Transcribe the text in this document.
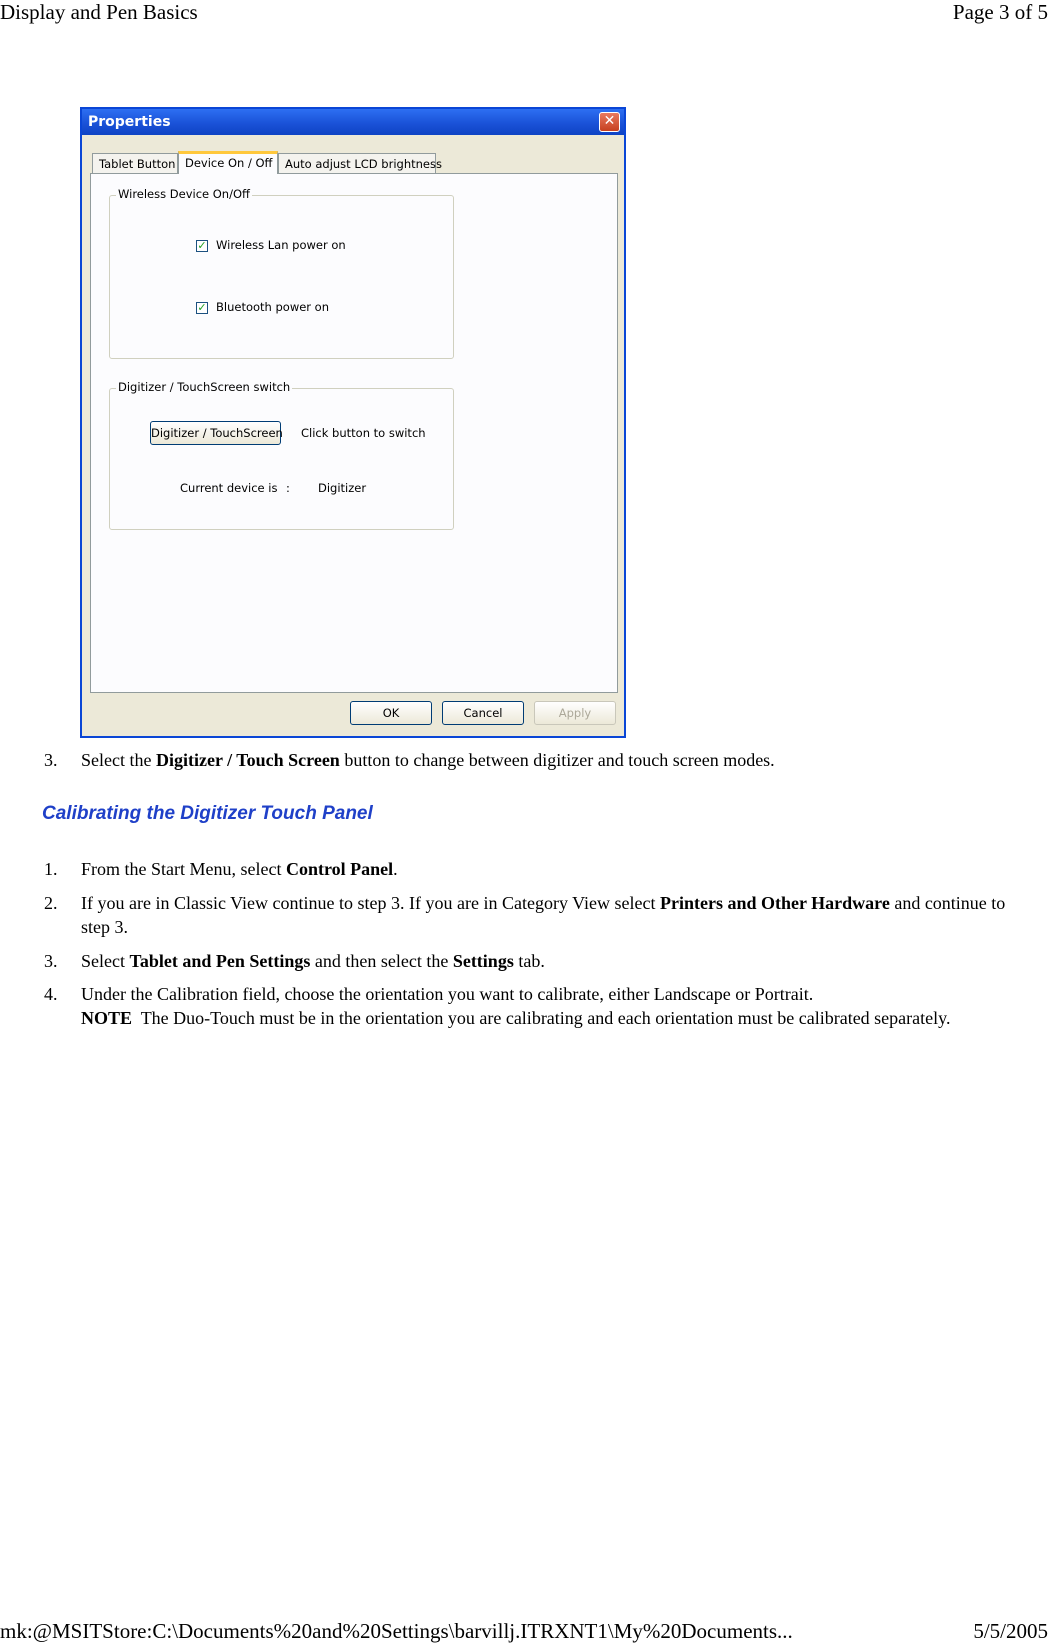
Display and Pen Basics	Page 3 of 5
Properties	✕
Tablet Button Device On / Off	Auto adjust LCD brightness
Wireless Device On/Off
✓ Wireless Lan power on
✓ Bluetooth power on
Digitizer / TouchScreen switch
Digitizer / TouchScreen Click button to switch
Current device is : Digitizer
OK	Cancel	Apply
3. Select the Digitizer / Touch Screen button to change between digitizer and touch screen modes.
Calibrating the Digitizer Touch Panel
1. From the Start Menu, select Control Panel.
2. If you are in Classic View continue to step 3. If you are in Category View select Printers and Other Hardware and continue to step 3.
3. Select Tablet and Pen Settings and then select the Settings tab.
4. Under the Calibration field, choose the orientation you want to calibrate, either Landscape or Portrait.
NOTE  The Duo-Touch must be in the orientation you are calibrating and each orientation must be calibrated separately.
mk:@MSITStore:C:\Documents%20and%20Settings\barvillj.ITRXNT1\My%20Documents...	5/5/2005
